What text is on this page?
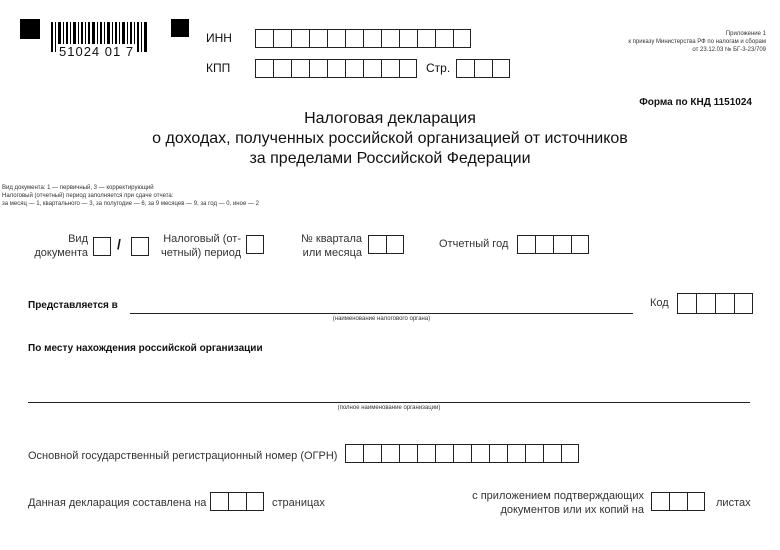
51024 01 7
ИНН
КПП	Стр.
Приложение 1
к приказу Министерства РФ по налогам и сборам
от 23.12.03 № БГ-3-23/709
Форма по КНД 1151024
Налоговая декларация
о доходах, полученных российской организацией от источников
за пределами Российской Федерации
Вид документа: 1 — первичный, 3 — корректирующий
Налоговый (отчетный) период заполняется при сдаче отчета:
за месяц — 1, квартального — 3, за полугодие — 6, за 9 месяцев — 9, за год — 0, иное — 2
Вид
документа
/	Налоговый (от-
четный) период
№ квартала
или месяца
Отчетный год
Представляется в
(наименование налогового органа)
Код
По месту нахождения российской организации
(полное наименование организации)
Основной государственный регистрационный номер (ОГРН)
Данная декларация составлена на	страницах
с приложением подтверждающих
документов или их копий на
листах
